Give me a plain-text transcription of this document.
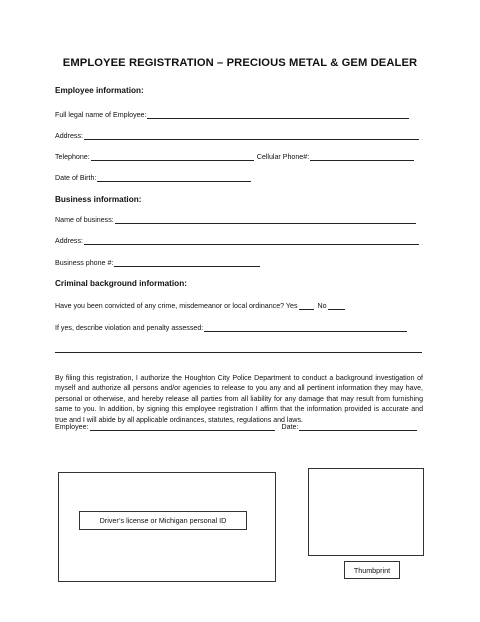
EMPLOYEE REGISTRATION – PRECIOUS METAL & GEM DEALER
Employee information:
Full legal name of Employee:
Address:
Telephone:	Cellular Phone#:
Date of Birth:
Business information:
Name of business:
Address:
Business phone #:
Criminal background information:
Have you been convicted of any crime, misdemeanor or local ordinance? Yes	No
If yes, describe violation and penalty assessed:
By filing this registration, I authorize the Houghton City Police Department to conduct a background investigation of myself and authorize all persons and/or agencies to release to you any and all pertinent information they may have, personal or otherwise, and hereby release all parties from all liability for any damage that may result from furnishing same to you. In addition, by signing this employee registration I affirm that the information provided is accurate and true and I will abide by all applicable ordinances, statutes, regulations and laws.
Employee:	Date:
Driver’s license or Michigan personal ID
Thumbprint
